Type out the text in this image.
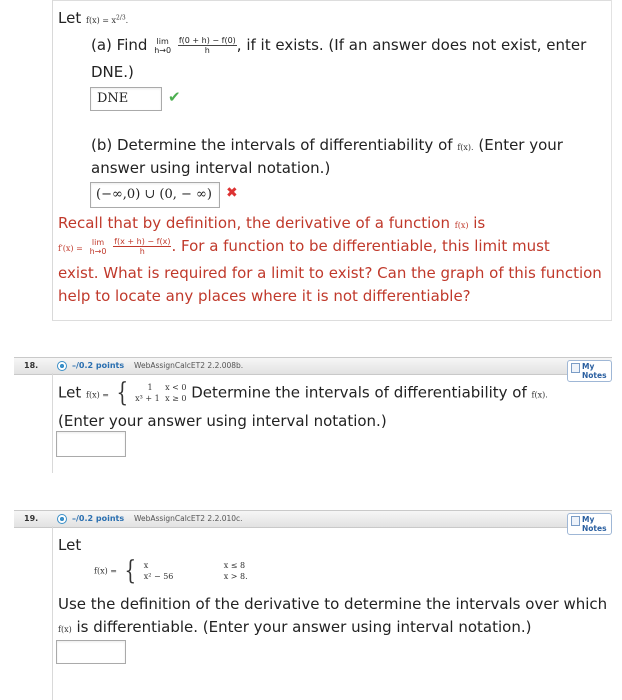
Let $f(x) = x^{2/3}$.
(a) Find lim
h→0
$\frac{f(0 + h) - f(0)}{h}$ , if it exists. (If an answer does not exist, enter
DNE.)
DNE	✔
(b) Determine the intervals of differentiability of f(x). (Enter your
answer using interval notation.)
(−∞,0) ∪ (0, − ∞) ✖
Recall that by definition, the derivative of a function f(x) is
f′(x) =
lim
h→0
$\frac{f(x + h) - f(x)}{h}$ . For a function to be differentiable, this limit must
exist. What is required for a limit to exist? Can the graph of this function
help to locate any places where it is not differentiable?
18.	–/0.2 points WebAssignCalcET2 2.2.008b.	My Notes
Let f(x) = {	1 x < 0
x³ + 1 x ≥ 0 Determine the intervals of differentiability of f(x).
(Enter your answer using interval notation.)
19.	–/0.2 points WebAssignCalcET2 2.2.010c.	My Notes
Let
f(x) = { x	x ≤ 8
x² − 56	x > 8.
Use the definition of the derivative to determine the intervals over which
f(x) is differentiable. (Enter your answer using interval notation.)
